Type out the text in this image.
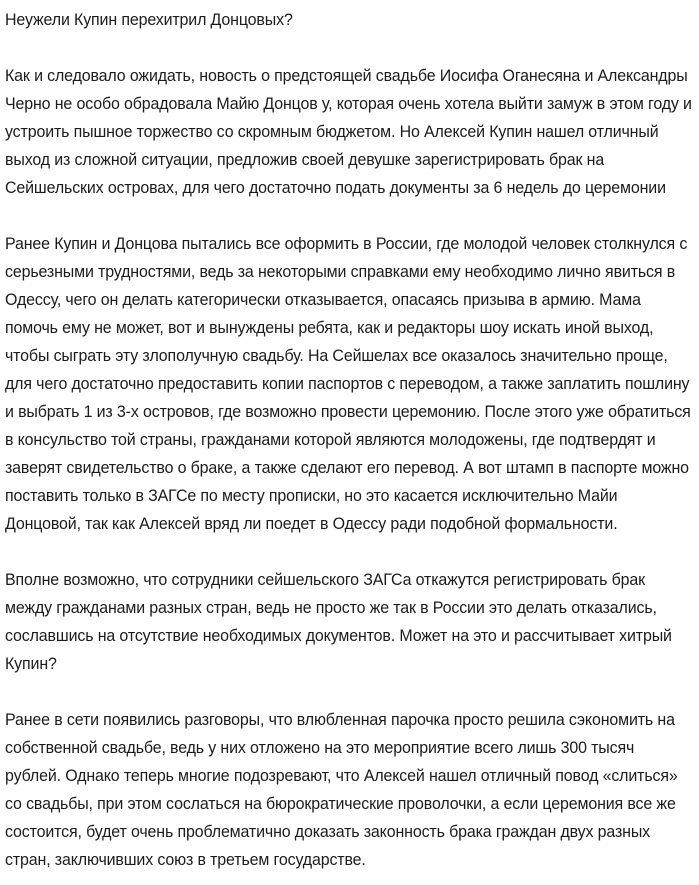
Неужели Купин перехитрил Донцовых?

Как и следовало ожидать, новость о предстоящей свадьбе Иосифа Оганесяна и Александры Черно не особо обрадовала Майю Донцов у, которая очень хотела выйти замуж в этом году и устроить пышное торжество со скромным бюджетом. Но Алексей Купин нашел отличный выход из сложной ситуации, предложив своей девушке зарегистрировать брак на Сейшельских островах, для чего достаточно подать документы за 6 недель до церемонии

Ранее Купин и Донцова пытались все оформить в России, где молодой человек столкнулся с серьезными трудностями, ведь за некоторыми справками ему необходимо лично явиться в Одессу, чего он делать категорически отказывается, опасаясь призыва в армию. Мама помочь ему не может, вот и вынуждены ребята, как и редакторы шоу искать иной выход, чтобы сыграть эту злополучную свадьбу. На Сейшелах все оказалось значительно проще, для чего достаточно предоставить копии паспортов с переводом, а также заплатить пошлину и выбрать 1 из 3-х островов, где возможно провести церемонию. После этого уже обратиться в консульство той страны, гражданами которой являются молодожены, где подтвердят и заверят свидетельство о браке, а также сделают его перевод. А вот штамп в паспорте можно поставить только в ЗАГСе по месту прописки, но это касается исключительно Майи Донцовой, так как Алексей вряд ли поедет в Одессу ради подобной формальности.

Вполне возможно, что сотрудники сейшельского ЗАГСа откажутся регистрировать брак между гражданами разных стран, ведь не просто же так в России это делать отказались, сославшись на отсутствие необходимых документов. Может на это и рассчитывает хитрый Купин?

Ранее в сети появились разговоры, что влюбленная парочка просто решила сэкономить на собственной свадьбе, ведь у них отложено на это мероприятие всего лишь 300 тысяч рублей. Однако теперь многие подозревают, что Алексей нашел отличный повод «слиться» со свадьбы, при этом сослаться на бюрократические проволочки, а если церемония все же состоится, будет очень проблематично доказать законность брака граждан двух разных стран, заключивших союз в третьем государстве.
